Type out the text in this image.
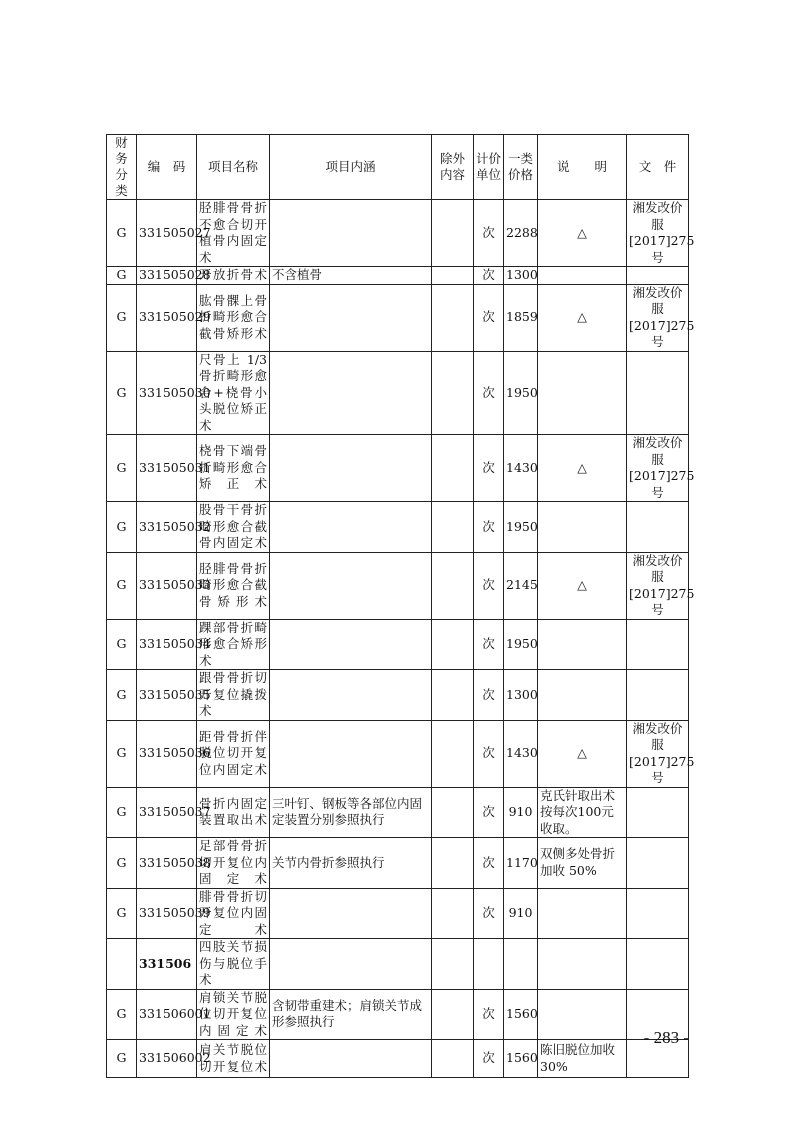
财务分类	编　码	项目名称	项目内涵	除外内容	计价单位	一类价格	说　　明	文　件
G	331505027	胫腓骨骨折不愈合切开植骨内固定术			次	2288	△	湘发改价服[2017]275号
G	331505028	开放折骨术	不含植骨		次	1300		
G	331505029	肱骨髁上骨折畸形愈合截骨矫形术			次	1859	△	湘发改价服[2017]275号
G	331505030	尺骨上 1/3骨折畸形愈合+桡骨小头脱位矫正术			次	1950		
G	331505031	桡骨下端骨折畸形愈合矫正术			次	1430	△	湘发改价服[2017]275号
G	331505032	股骨干骨折畸形愈合截骨内固定术			次	1950		
G	331505033	胫腓骨骨折畸形愈合截骨矫形术			次	2145	△	湘发改价服[2017]275号
G	331505034	踝部骨折畸形愈合矫形术			次	1950		
G	331505035	跟骨骨折切开复位撬拨术			次	1300		
G	331505036	距骨骨折伴脱位切开复位内固定术			次	1430	△	湘发改价服[2017]275号
G	331505037	骨折内固定装置取出术	三叶钉、钢板等各部位内固定装置分别参照执行		次	910	克氏针取出术按每次100元收取。	
G	331505038	足部骨骨折切开复位内固定术	关节内骨折参照执行		次	1170	双侧多处骨折加收 50%	
G	331505039	腓骨骨折切开复位内固定术			次	910		
	331506	四肢关节损伤与脱位手术						
G	331506001	肩锁关节脱位切开复位内固定术	含韧带重建术；肩锁关节成形参照执行		次	1560		
G	331506002	肩关节脱位切开复位术			次	1560	陈旧脱位加收30%	
- 283 -
